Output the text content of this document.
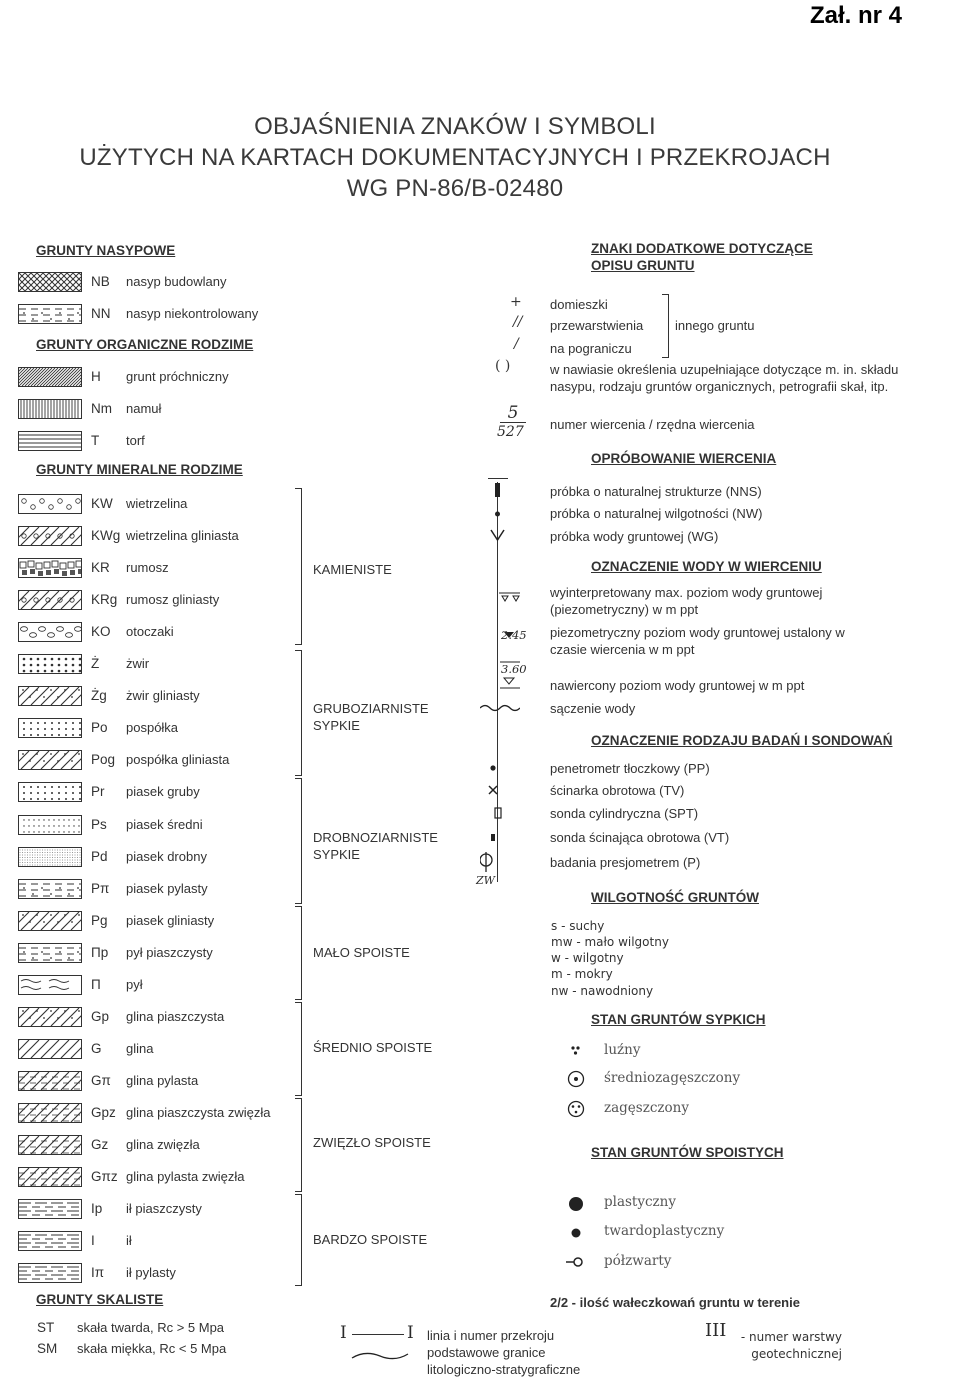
Zał. nr 4
OBJAŚNIENIA ZNAKÓW I SYMBOLI
UŻYTYCH NA KARTACH DOKUMENTACYJNYCH I PRZEKROJACH
WG PN-86/B-02480
GRUNTY NASYPOWE
NB nasyp budowlany
NN nasyp niekontrolowany
GRUNTY ORGANICZNE RODZIME
H grunt próchniczny
Nm namuł
T torf
GRUNTY MINERALNE RODZIME
KW wietrzelina
KWg wietrzelina gliniasta
KR rumosz
KRg rumosz gliniasty
KO otoczaki
Ż żwir
Żg żwir gliniasty
Po pospółka
Pog pospółka gliniasta
Pr piasek gruby
Ps piasek średni
Pd piasek drobny
Pπ piasek pylasty
Pg piasek gliniasty
Πp pył piaszczysty
Π pył
Gp glina piaszczysta
G glina
Gπ glina pylasta
Gpz glina piaszczysta zwięzła
Gz glina zwięzła
Gπz glina pylasta zwięzła
Ip ił piaszczysty
I ił
Iπ ił pylasty
KAMIENISTE
GRUBOZIARNISTE SYPKIE
DROBNOZIARNISTE SYPKIE
MAŁO SPOISTE
ŚREDNIO SPOISTE
ZWIĘZŁO SPOISTE
BARDZO SPOISTE
GRUNTY SKALISTE
ST skała twarda, Rc > 5 Mpa
SM skała miękka, Rc < 5 Mpa
+
//
/
( )
5
527
ZW
2.45
3.60
ZNAKI DODATKOWE DOTYCZĄCE OPISU GRUNTU
domieszki
przewarstwienia
na pograniczu
innego gruntu
w nawiasie określenia uzupełniające dotyczące m. in. składu nasypu, rodzaju gruntów organicznych, petrografii skał, itp.
numer wiercenia / rzędna wiercenia
OPRÓBOWANIE WIERCENIA
próbka o naturalnej strukturze (NNS)
próbka o naturalnej wilgotności (NW)
próbka wody gruntowej (WG)
OZNACZENIE WODY W WIERCENIU
wyinterpretowany max. poziom wody gruntowej (piezometryczny) w m ppt
piezometryczny poziom wody gruntowej ustalony w czasie wiercenia w m ppt
nawiercony poziom wody gruntowej w m ppt
sączenie wody
OZNACZENIE RODZAJU BADAŃ I SONDOWAŃ
penetrometr tłoczkowy (PP)
ścinarka obrotowa (TV)
sonda cylindryczna (SPT)
sonda ścinająca obrotowa (VT)
badania presjometrem (P)
WILGOTNOŚĆ GRUNTÓW
s - suchy
mw - mało wilgotny
w - wilgotny
m - mokry
nw - nawodniony
STAN GRUNTÓW SYPKICH
luźny
średniozagęszczony
zagęszczony
STAN GRUNTÓW SPOISTYCH
plastyczny
twardoplastyczny
półzwarty
2/2 - ilość wałeczkowań gruntu w terenie
I	I linia i numer przekroju
podstawowe granice litologiczno-stratygraficzne
III	- numer warstwy geotechnicznej
